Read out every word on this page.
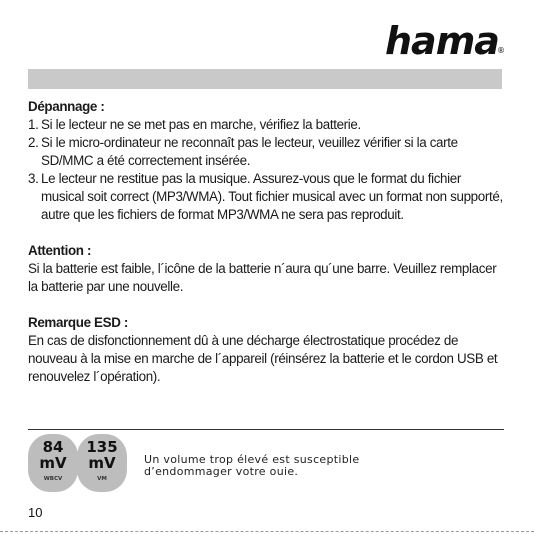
hama
®
Dépannage :
1. Si le lecteur ne se met pas en marche, vérifiez la batterie.
2. Si le micro-ordinateur ne reconnaît pas le lecteur, veuillez vérifier si la carte SD/MMC a été correctement insérée.
3. Le lecteur ne restitue pas la musique. Assurez-vous que le format du fichier musical soit correct (MP3/WMA). Tout fichier musical avec un format non supporté, autre que les fichiers de format MP3/WMA ne sera pas reproduit.
Attention :

Si la batterie est faible, l´icône de la batterie n´aura qu´une barre. Veuillez remplacer la batterie par une nouvelle.

Remarque ESD :

En cas de disfonctionnement dû à une décharge électrostatique procédez de nouveau à la mise en marche de l´appareil (réinsérez la batterie et le cordon USB et renouvelez l´opération).

84
mV
WBCV
135
mV
VM
Un volume trop élevé est susceptible
d’endommager votre ouie.
10
